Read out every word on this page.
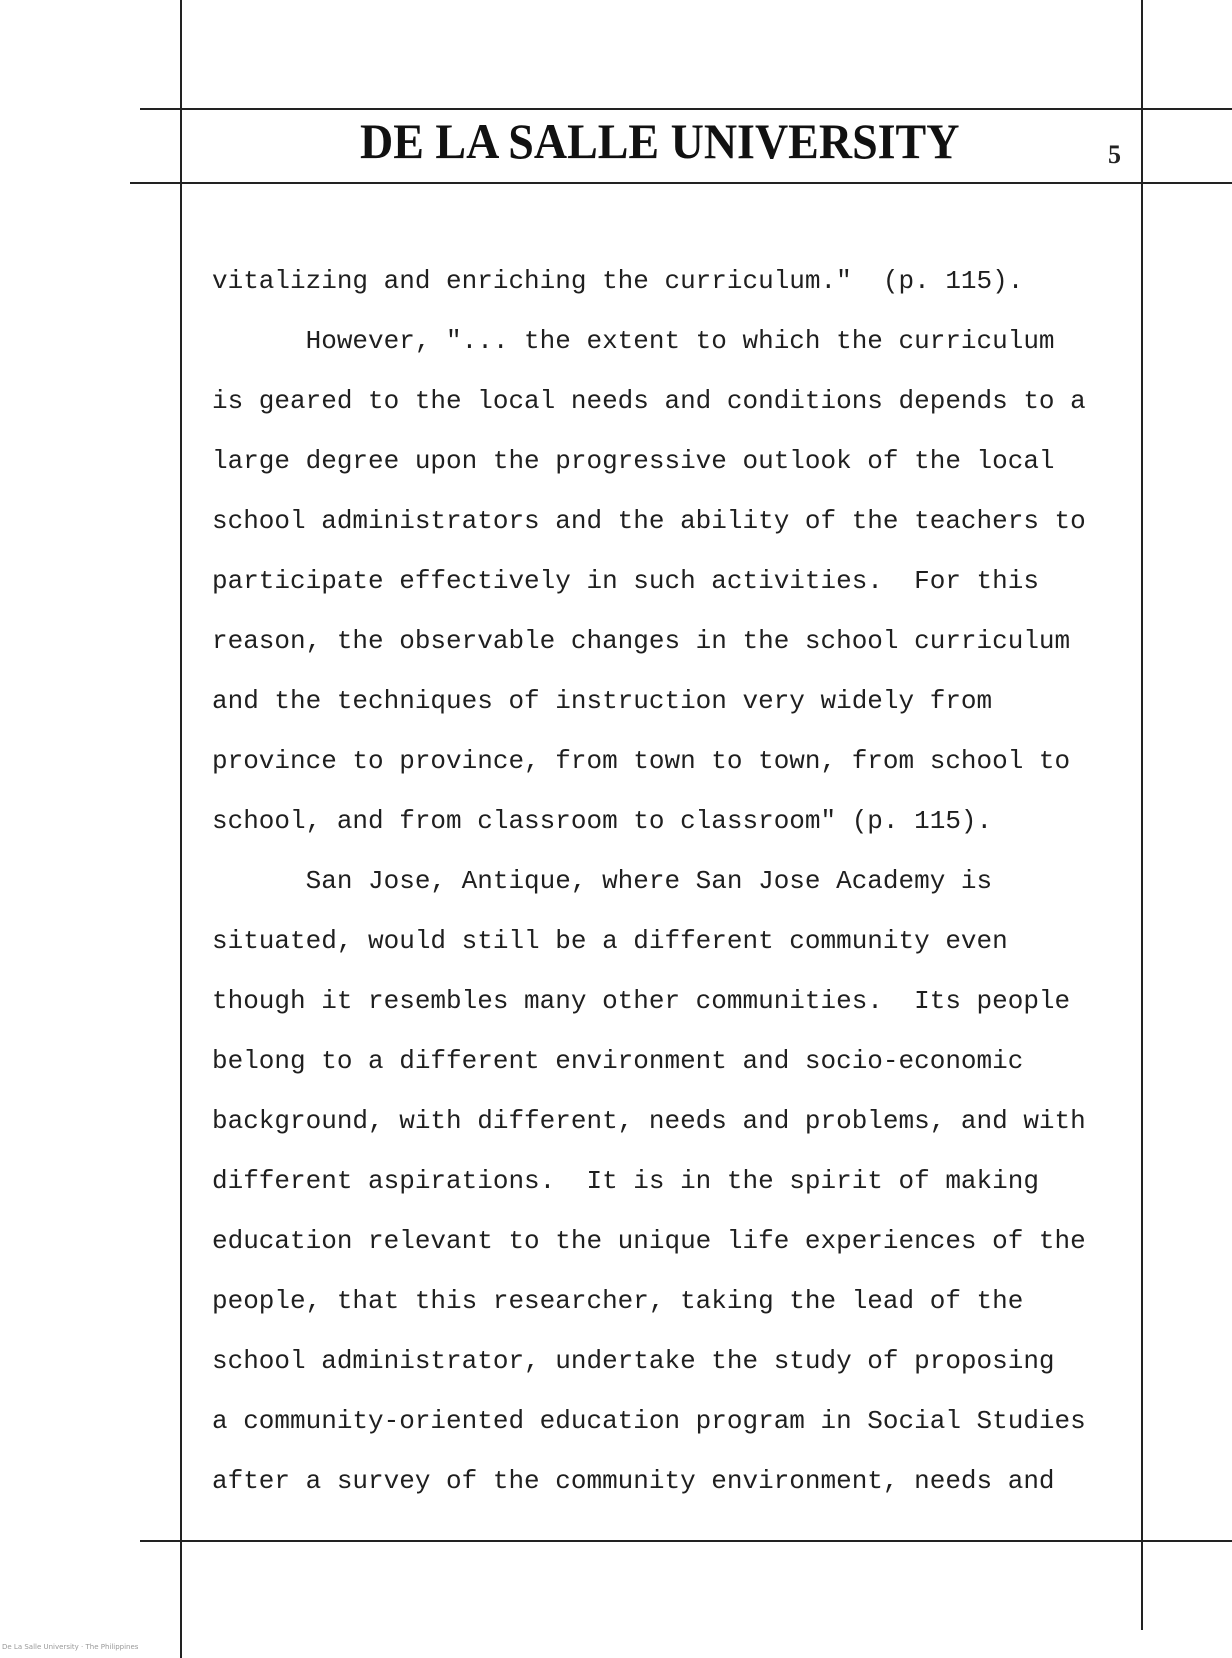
DE LA SALLE UNIVERSITY	5
vitalizing and enriching the curriculum."  (p. 115).
However, "... the extent to which the curriculum
is geared to the local needs and conditions depends to a
large degree upon the progressive outlook of the local
school administrators and the ability of the teachers to
participate effectively in such activities.  For this
reason, the observable changes in the school curriculum
and the techniques of instruction very widely from
province to province, from town to town, from school to
school, and from classroom to classroom" (p. 115).
San Jose, Antique, where San Jose Academy is
situated, would still be a different community even
though it resembles many other communities.  Its people
belong to a different environment and socio-economic
background, with different, needs and problems, and with
different aspirations.  It is in the spirit of making
education relevant to the unique life experiences of the
people, that this researcher, taking the lead of the
school administrator, undertake the study of proposing
a community-oriented education program in Social Studies
after a survey of the community environment, needs and
De La Salle University · The Philippines
